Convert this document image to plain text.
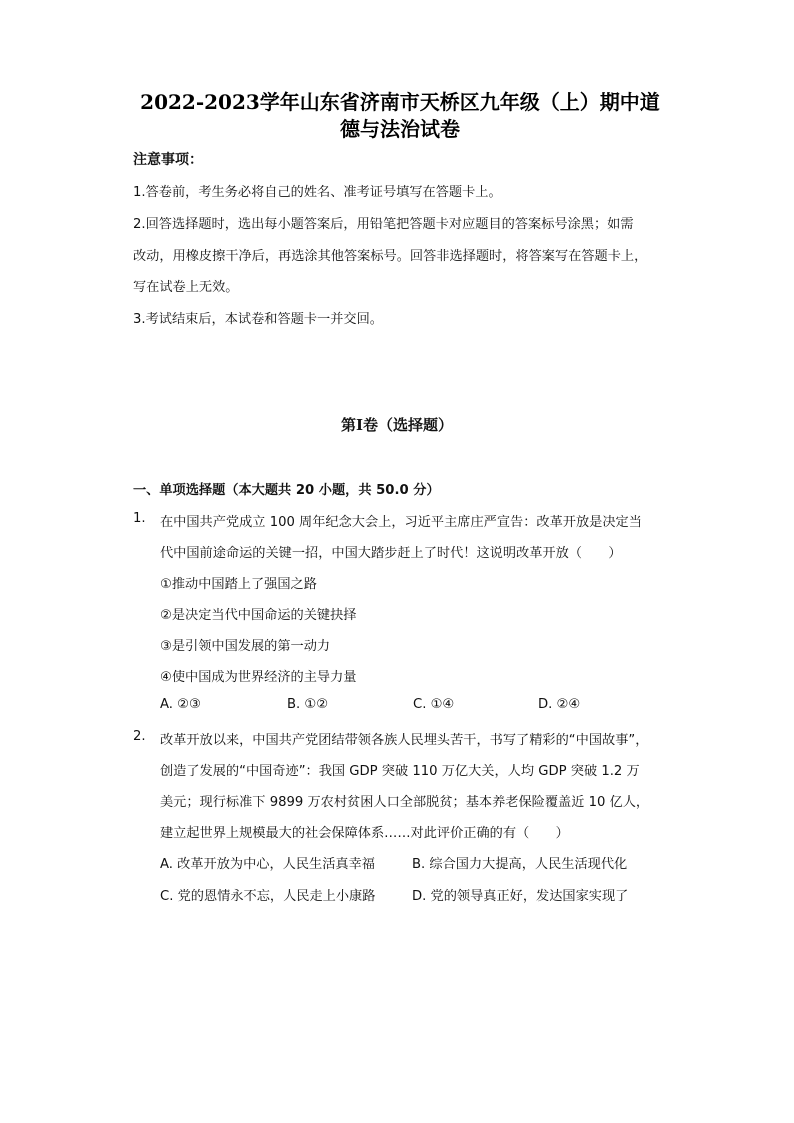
2022-2023学年山东省济南市天桥区九年级（上）期中道
德与法治试卷
注意事项：
1.答卷前，考生务必将自己的姓名、准考证号填写在答题卡上。
2.回答选择题时，选出每小题答案后，用铅笔把答题卡对应题目的答案标号涂黑；如需
改动，用橡皮擦干净后，再选涂其他答案标号。回答非选择题时，将答案写在答题卡上，
写在试卷上无效。
3.考试结束后，本试卷和答题卡一并交回。
第Ⅰ卷（选择题）
一、单项选择题（本大题共 20 小题，共 50.0 分）
1. 在中国共产党成立 100 周年纪念大会上，习近平主席庄严宣告：改革开放是决定当
代中国前途命运的关键一招，中国大踏步赶上了时代！这说明改革开放（　　）
①推动中国踏上了强国之路
②是决定当代中国命运的关键抉择
③是引领中国发展的第一动力
④使中国成为世界经济的主导力量
A. ②③	B. ①②	C. ①④	D. ②④
2. 改革开放以来，中国共产党团结带领各族人民埋头苦干，书写了精彩的“中国故事”，
创造了发展的“中国奇迹”：我国 GDP 突破 110 万亿大关，人均 GDP 突破 1.2 万
美元；现行标准下 9899 万农村贫困人口全部脱贫；基本养老保险覆盖近 10 亿人，
建立起世界上规模最大的社会保障体系……对此评价正确的有（　　）
A. 改革开放为中心，人民生活真幸福	B. 综合国力大提高，人民生活现代化
C. 党的恩情永不忘，人民走上小康路	D. 党的领导真正好，发达国家实现了
